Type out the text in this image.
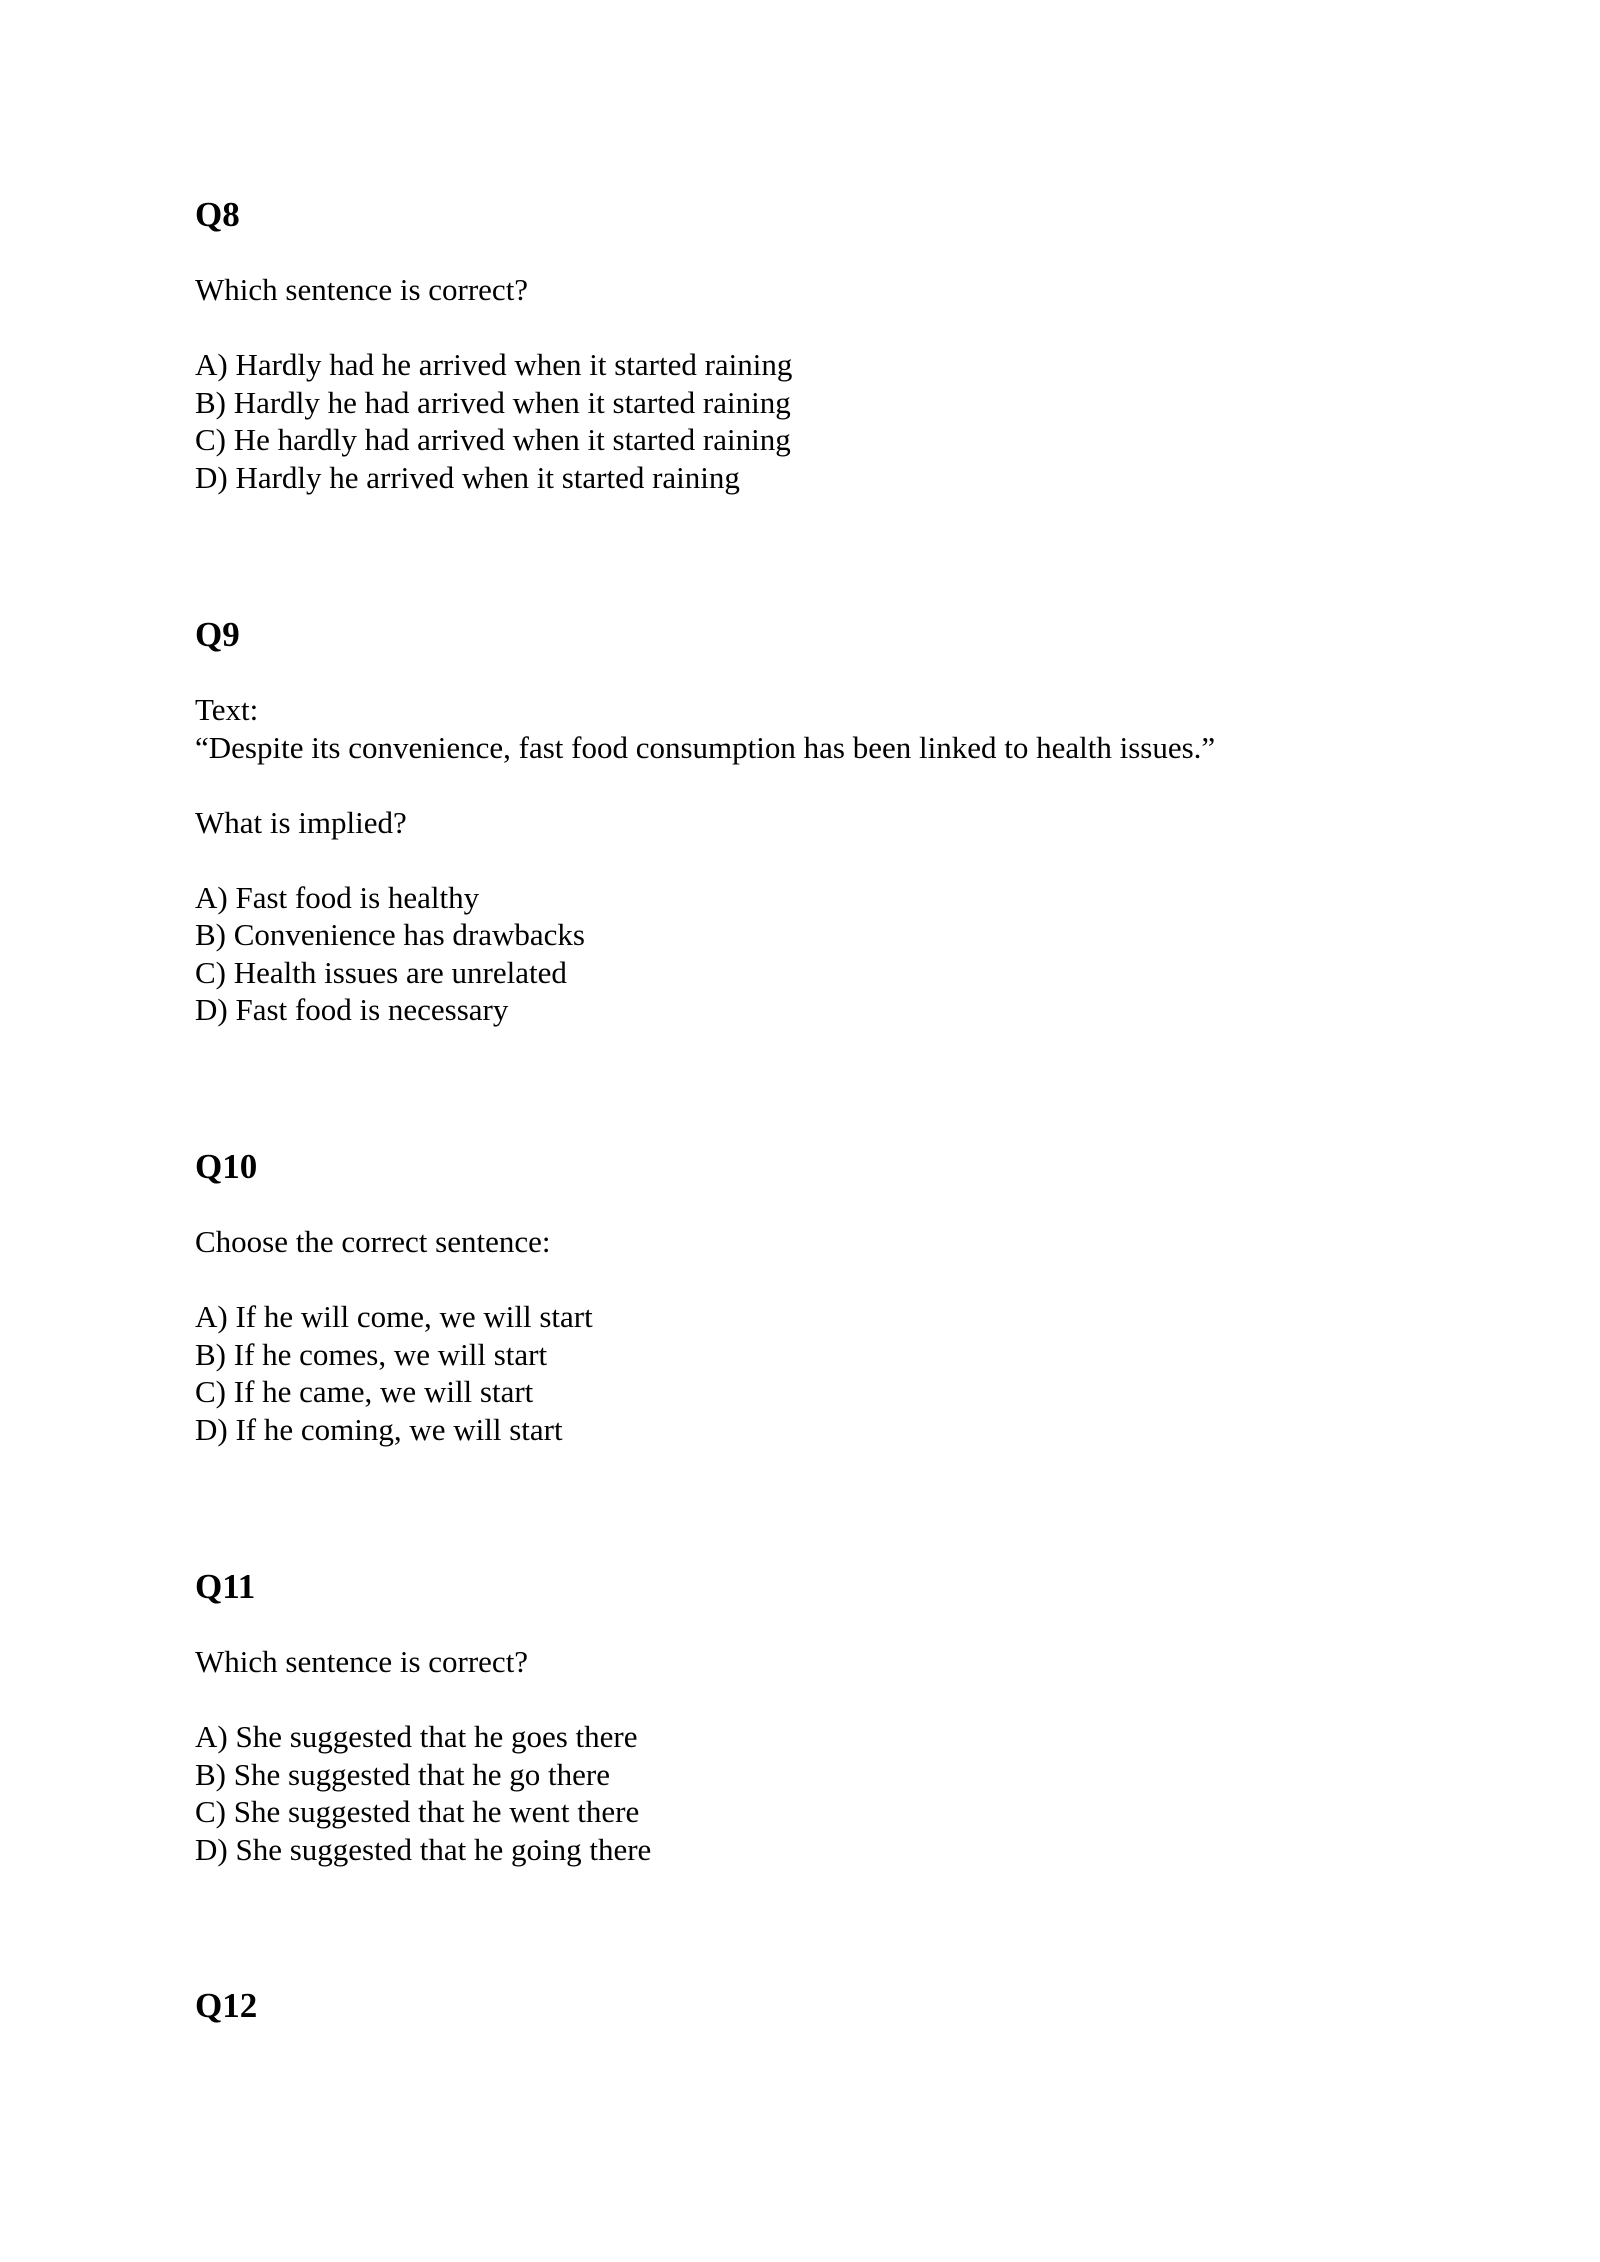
Q8
Which sentence is correct?
A) Hardly had he arrived when it started raining
B) Hardly he had arrived when it started raining
C) He hardly had arrived when it started raining
D) Hardly he arrived when it started raining
Q9
Text:
“Despite its convenience, fast food consumption has been linked to health issues.”
What is implied?
A) Fast food is healthy
B) Convenience has drawbacks
C) Health issues are unrelated
D) Fast food is necessary
Q10
Choose the correct sentence:
A) If he will come, we will start
B) If he comes, we will start
C) If he came, we will start
D) If he coming, we will start
Q11
Which sentence is correct?
A) She suggested that he goes there
B) She suggested that he go there
C) She suggested that he went there
D) She suggested that he going there
Q12
